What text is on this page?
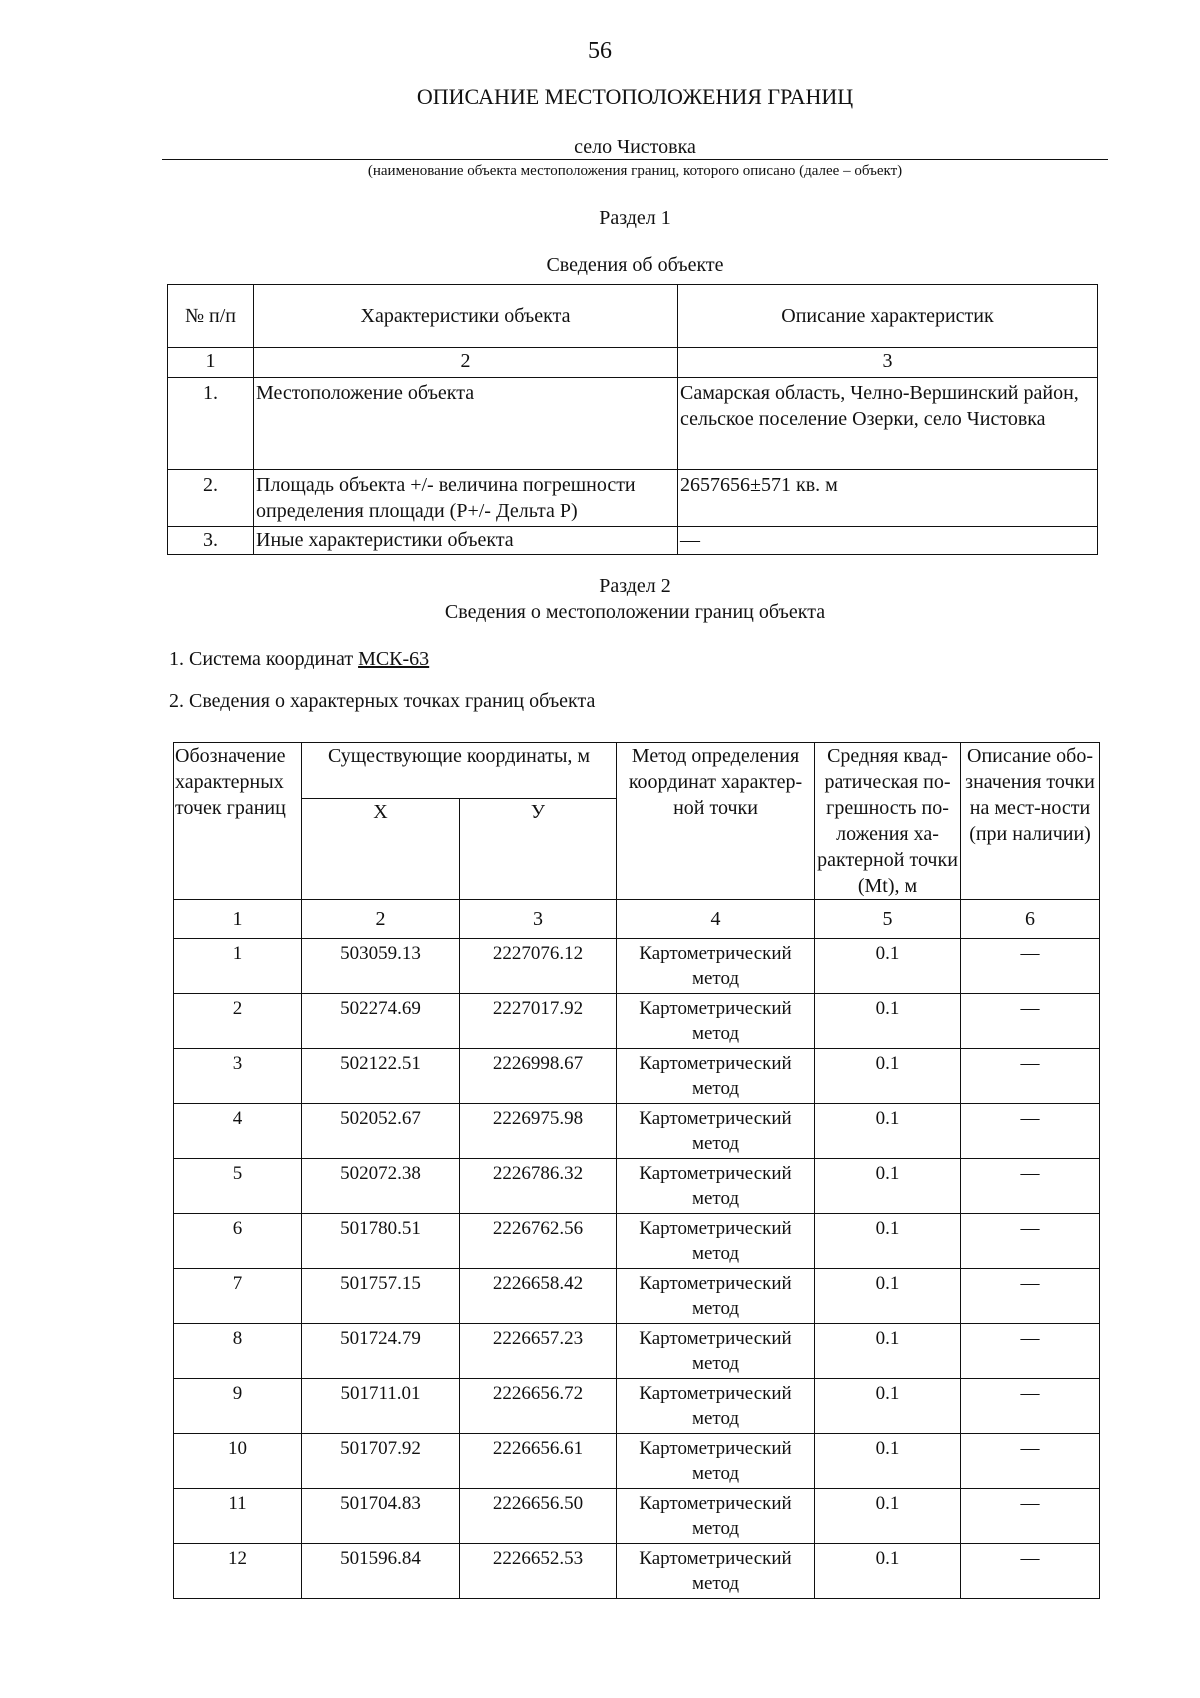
56
ОПИСАНИЕ МЕСТОПОЛОЖЕНИЯ ГРАНИЦ
село Чистовка
(наименование объекта местоположения границ, которого описано (далее – объект)
Раздел 1
Сведения об объекте
№ п/п	Характеристики объекта	Описание характеристик
1	2	3
1.	Местоположение объекта	Самарская область, Челно-Вершинский район, сельское поселение Озерки, село Чистовка
2.	Площадь объекта +/- величина погрешности определения площади (P+/- Дельта P)	2657656±571 кв. м
3.	Иные характеристики объекта	—
Раздел 2
Сведения о местоположении границ объекта
1. Система координат МСК-63
2. Сведения о характерных точках границ объекта
Обозначение характерных точек границ	Существующие координаты, м		Метод определения координат характер-ной точки	Средняя квад-ратическая по-грешность по-ложения ха-рактерной точки (Mt), м	Описание обо-значения точки на мест-ности (при наличии)
	X	У			
1	2	3	4	5	6
1	503059.13	2227076.12	Картометрический метод	0.1	—
2	502274.69	2227017.92	Картометрический метод	0.1	—
3	502122.51	2226998.67	Картометрический метод	0.1	—
4	502052.67	2226975.98	Картометрический метод	0.1	—
5	502072.38	2226786.32	Картометрический метод	0.1	—
6	501780.51	2226762.56	Картометрический метод	0.1	—
7	501757.15	2226658.42	Картометрический метод	0.1	—
8	501724.79	2226657.23	Картометрический метод	0.1	—
9	501711.01	2226656.72	Картометрический метод	0.1	—
10	501707.92	2226656.61	Картометрический метод	0.1	—
11	501704.83	2226656.50	Картометрический метод	0.1	—
12	501596.84	2226652.53	Картометрический метод	0.1	—
